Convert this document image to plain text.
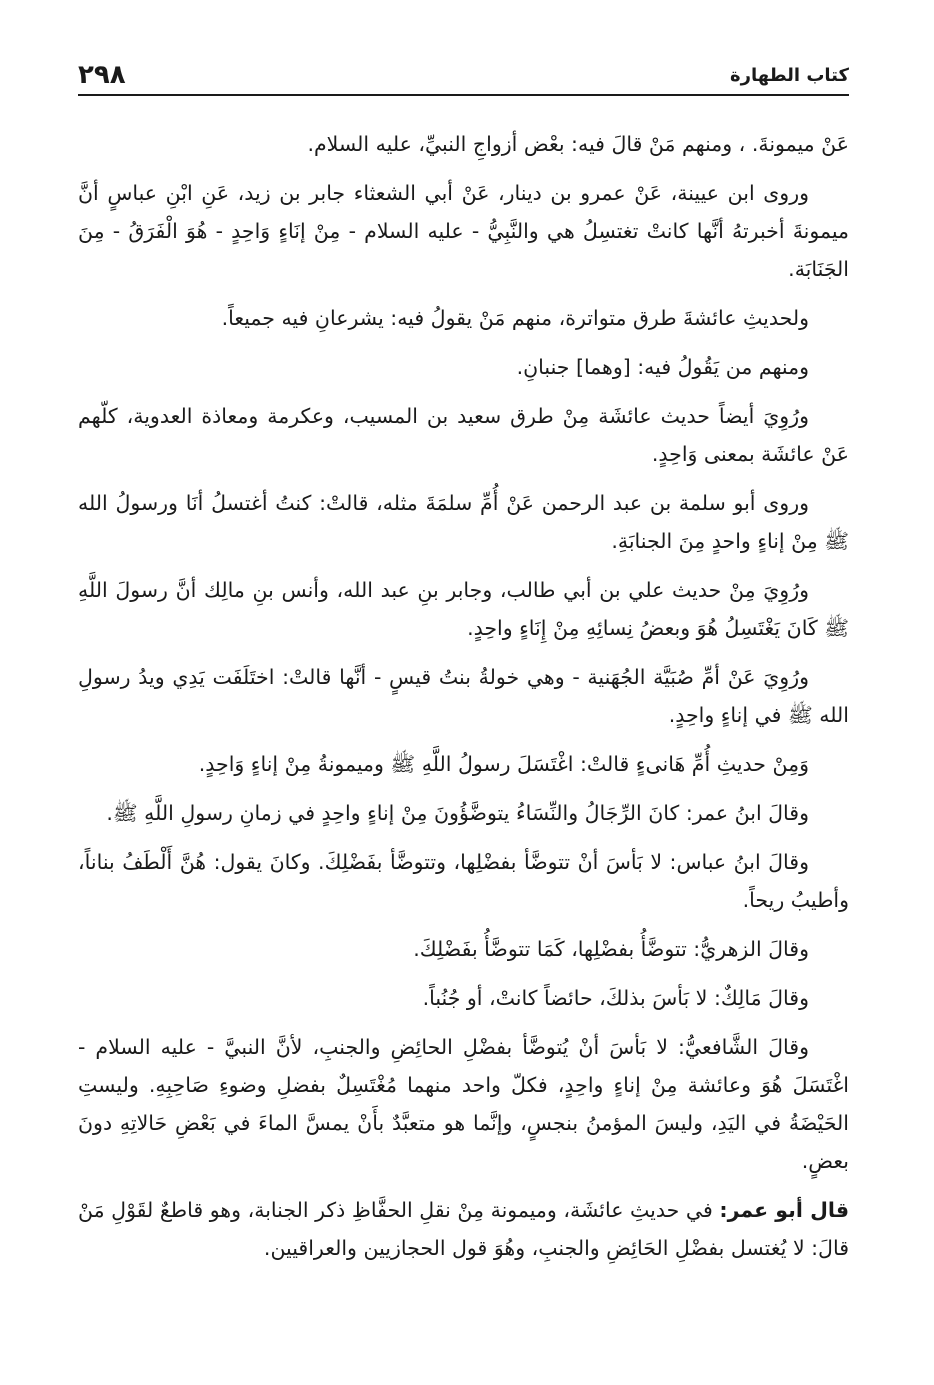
كتاب الطهارة
٢٩٨

عَنْ ميمونةَ. ، ومنهم مَنْ قالَ فيه: بعْض أزواجِ النبيِّ، عليه السلام.

وروى ابن عيينة، عَنْ عمرو بن دينار، عَنْ أبي الشعثاء جابر بن زيد، عَنِ ابْنِ عباسٍ أنَّ ميمونةَ أخبرتهُ أنَّها كانتْ تغتسِلُ هي والنَّبِيُّ - عليه السلام - مِنْ إنَاءٍ وَاحِدٍ - هُوَ الْفَرَقُ - مِنَ الجَنَابَة.

ولحديثِ عائشةَ طرق متواترة، منهم مَنْ يقولُ فيه: يشرعانِ فيه جميعاً.

ومنهم من يَقُولُ فيه: [وهما] جنبانِ.

ورُوِيَ أيضاً حديث عائشَة مِنْ طرق سعيد بن المسيب، وعكرمة ومعاذة العدوية، كلّهم عَنْ عائشَة بمعنى وَاحِدٍ.

وروى أبو سلمة بن عبد الرحمن عَنْ أُمِّ سلمَةَ مثله، قالتْ: كنتُ أغتسلُ أنَا ورسولُ الله ﷺ مِنْ إناءٍ واحدٍ مِنَ الجنابَةِ.

ورُوِيَ مِنْ حديث علي بن أبي طالب، وجابر بنِ عبد الله، وأنس بنِ مالِك أنَّ رسولَ اللَّهِ ﷺ كَانَ يَغْتَسِلُ هُوَ وبعضُ نِسائِهِ مِنْ إِنَاءٍ واحِدٍ.

ورُوِيَ عَنْ أمِّ صُبَيَّة الجُهَنية - وهي خولةُ بنتُ قيسٍ - أنَّها قالتْ: اختَلَفَت يَدِي ويدُ رسولِ الله ﷺ في إناءٍ واحِدٍ.

وَمِنْ حديثِ أُمِّ هَانىءٍ قالتْ: اغْتَسَلَ رسولُ اللَّهِ ﷺ وميمونةُ مِنْ إناءٍ وَاحِدٍ.

وقالَ ابنُ عمر: كانَ الرِّجَالُ والنِّسَاءُ يتوضَّؤُونَ مِنْ إناءٍ واحِدٍ في زمانِ رسولِ اللَّهِ ﷺ.

وقالَ ابنُ عباس: لا بَأسَ أنْ تتوضَّأ بفضْلِها، وتتوضَّأ بفَضْلِكَ. وكانَ يقول: هُنَّ أَلْطَفُ بناناً، وأطيبُ ريحاً.

وقالَ الزهريُّ: تتوضَّأُ بفضْلِها، كَمَا تتوضَّأُ بفَضْلِكَ.

وقالَ مَالِكٌ: لا بَأسَ بذلكَ، حائضاً كانتْ، أو جُنُباً.

وقالَ الشَّافعيُّ: لا بَأسَ أنْ يُتوضَّأ بفضْلِ الحائِضِ والجنبِ، لأنَّ النبيَّ - عليه السلام - اغْتَسَلَ هُوَ وعائشة مِنْ إناءٍ واحِدٍ، فكلّ واحد منهما مُغْتَسِلٌ بفضلِ وضوءِ صَاحِبِهِ. وليستِ الحَيْضَةُ في اليَدِ، وليسَ المؤمنُ بنجسٍ، وإنَّما هو متعبَّدٌ بأَنْ يمسَّ الماءَ في بَعْضِ حَالاتِهِ دونَ بعضٍ.

قال أبو عمر: في حديثِ عائشَة، وميمونة مِنْ نقلِ الحفَّاظِ ذكر الجنابة، وهو قاطعٌ لقَوْلِ مَنْ قالَ: لا يُغتسل بفضْلِ الحَائِضِ والجنبِ، وهُوَ قول الحجازيين والعراقيين.
